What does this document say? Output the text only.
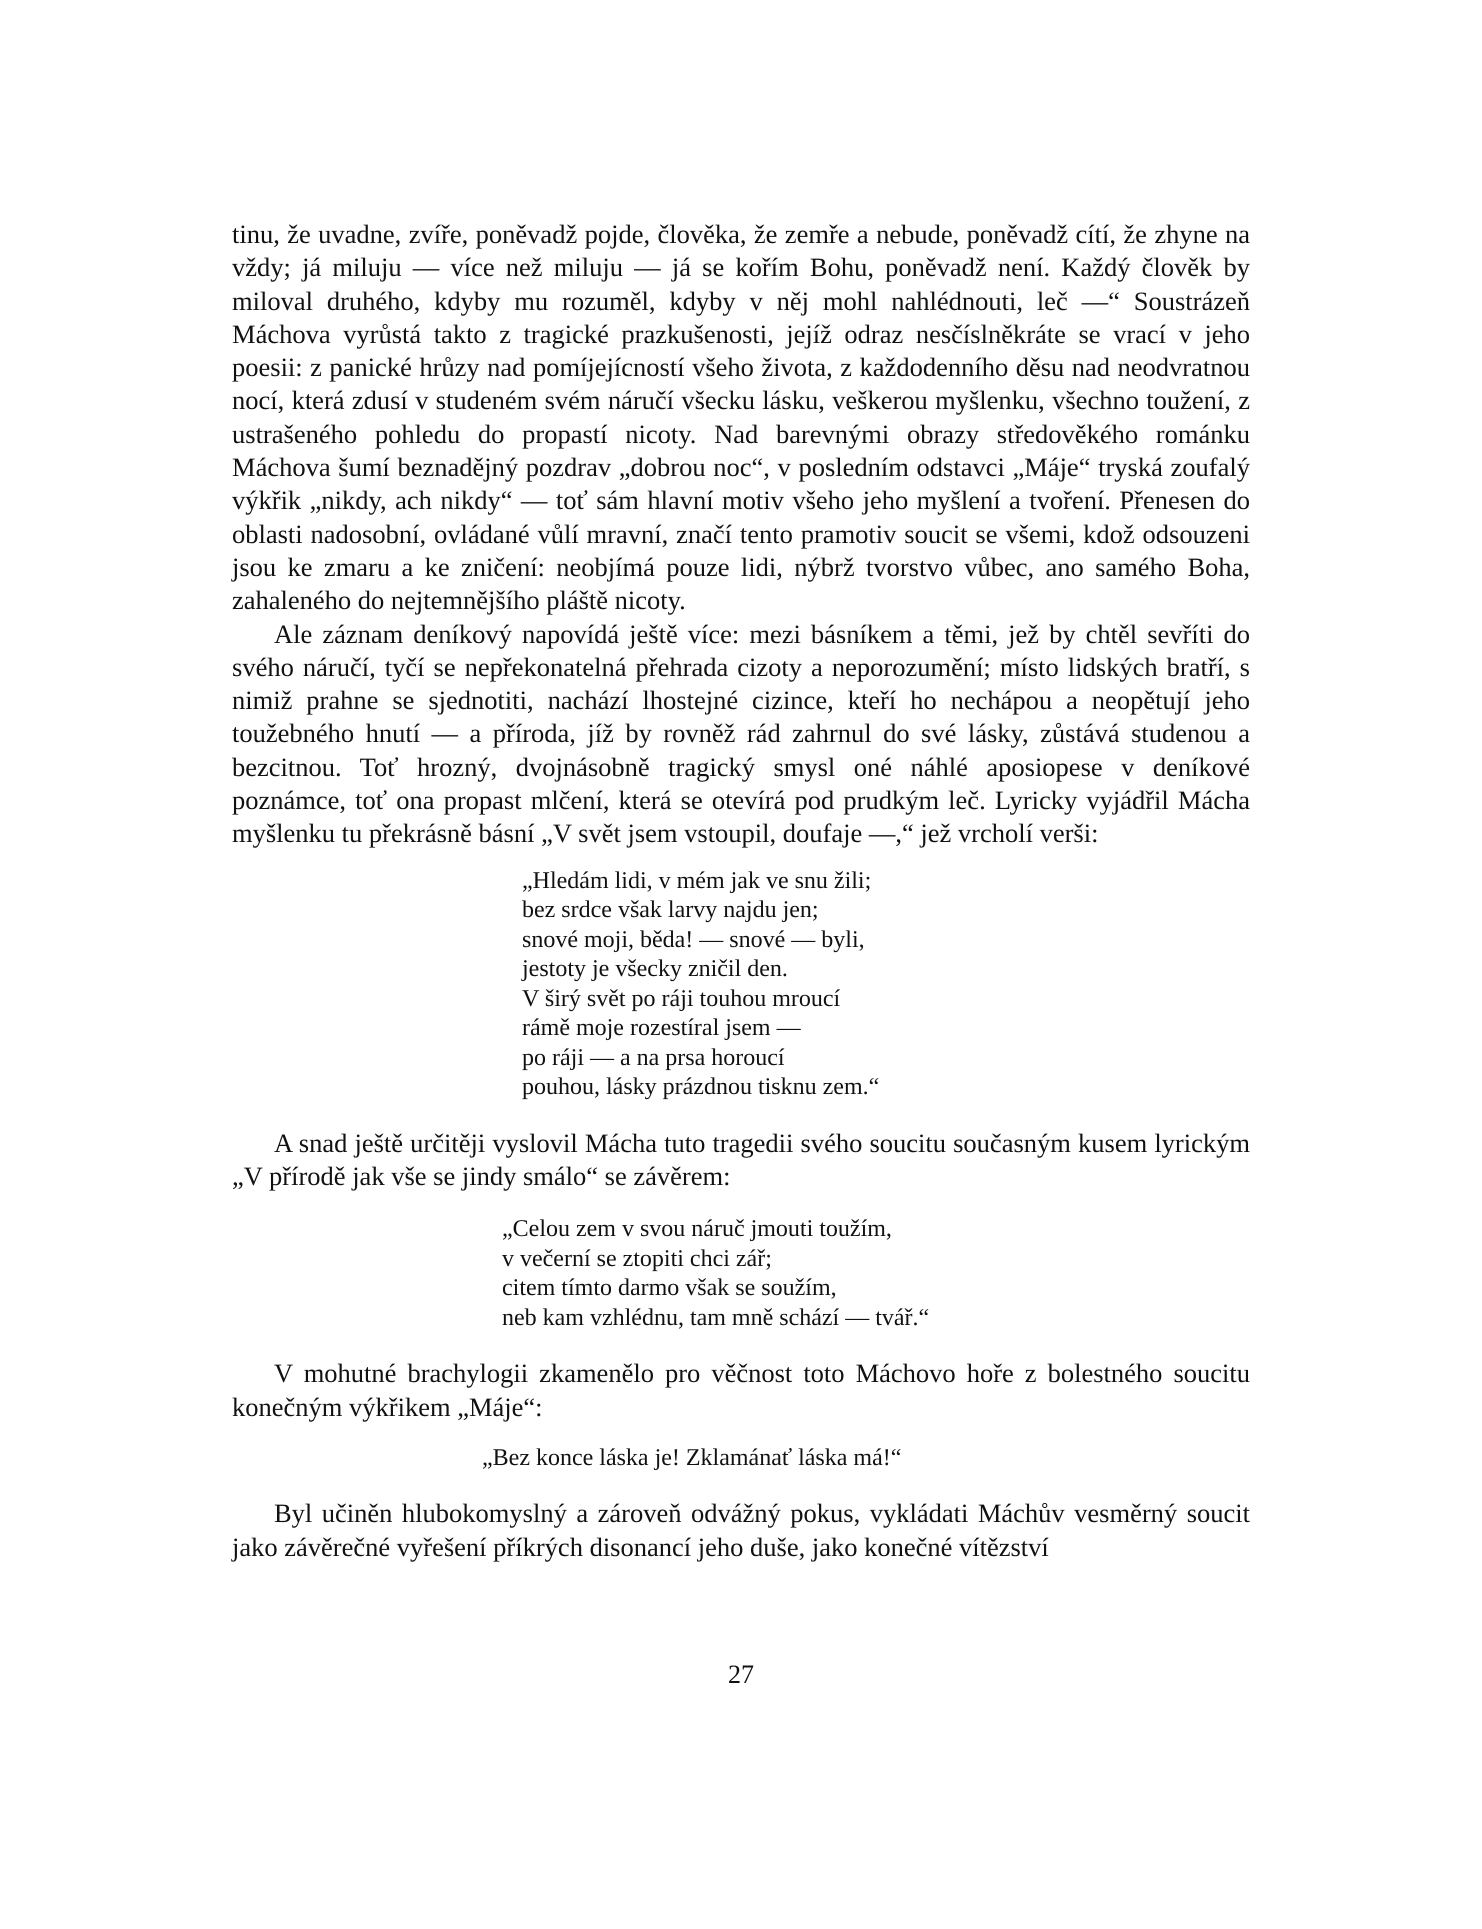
tinu, že uvadne, zvíře, poněvadž pojde, člověka, že zemře a nebude, poněvadž cítí, že zhyne na vždy; já miluju — více než miluju — já se kořím Bohu, poněvadž není. Každý člověk by miloval druhého, kdyby mu rozuměl, kdyby v něj mohl nahlédnouti, leč —“ Soustrázeň Máchova vyrůstá takto z tragické prazkušenosti, jejíž odraz nesčíslněkráte se vrací v jeho poesii: z panické hrůzy nad pomíjejícností všeho života, z každodenního děsu nad neodvratnou nocí, která zdusí v studeném svém náručí všecku lásku, veškerou myšlenku, všechno toužení, z ustrašeného pohledu do propastí nicoty. Nad barevnými obrazy středověkého románku Máchova šumí beznadějný pozdrav „dobrou noc“, v posledním odstavci „Máje“ tryská zoufalý výkřik „nikdy, ach nikdy“ — toť sám hlavní motiv všeho jeho myšlení a tvoření. Přenesen do oblasti nadosobní, ovládané vůlí mravní, značí tento pramotiv soucit se všemi, kdož odsouzeni jsou ke zmaru a ke zničení: neobjímá pouze lidi, nýbrž tvorstvo vůbec, ano samého Boha, zahaleného do nejtemnějšího pláště nicoty.

Ale záznam deníkový napovídá ještě více: mezi básníkem a těmi, jež by chtěl sevříti do svého náručí, tyčí se nepřekonatelná přehrada cizoty a neporozumění; místo lidských bratří, s nimiž prahne se sjednotiti, nachází lhostejné cizince, kteří ho nechápou a neopětují jeho toužebného hnutí — a příroda, jíž by rovněž rád zahrnul do své lásky, zůstává studenou a bezcitnou. Toť hrozný, dvojnásobně tragický smysl oné náhlé aposiopese v deníkové poznámce, toť ona propast mlčení, která se otevírá pod prudkým leč. Lyricky vyjádřil Mácha myšlenku tu překrásně básní „V svět jsem vstoupil, doufaje —,“ jež vrcholí verši:

„Hledám lidi, v mém jak ve snu žili;
bez srdce však larvy najdu jen;
snové moji, běda! — snové — byli,
jestoty je všecky zničil den.
V širý svět po ráji touhou mroucí
rámě moje rozestíral jsem —
po ráji — a na prsa horoucí
pouhou, lásky prázdnou tisknu zem.“

A snad ještě určitěji vyslovil Mácha tuto tragedii svého soucitu současným kusem lyrickým „V přírodě jak vše se jindy smálo“ se závěrem:

„Celou zem v svou náruč jmouti toužím,
v večerní se ztopiti chci zář;
citem tímto darmo však se soužím,
neb kam vzhlédnu, tam mně schází — tvář.“

V mohutné brachylogii zkamenělo pro věčnost toto Máchovo hoře z bolestného soucitu konečným výkřikem „Máje“:

„Bez konce láska je! Zklamánať láska má!“

Byl učiněn hlubokomyslný a zároveň odvážný pokus, vykládati Máchův vesměrný soucit jako závěrečné vyřešení příkrých disonancí jeho duše, jako konečné vítězství

27
